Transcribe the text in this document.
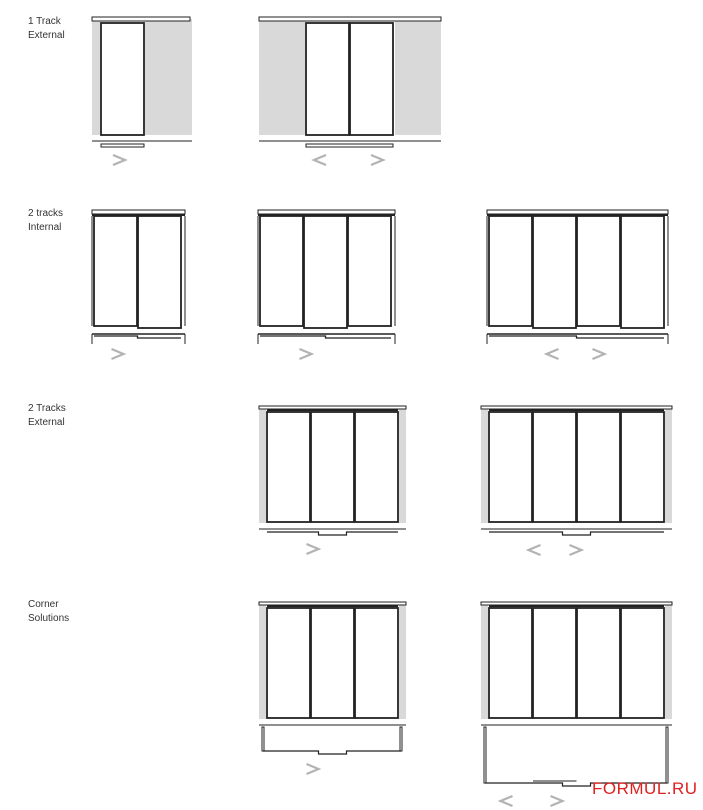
1 Track
External
2 tracks
Internal
2 Tracks
External
Corner
Solutions
FORMUL.RU
